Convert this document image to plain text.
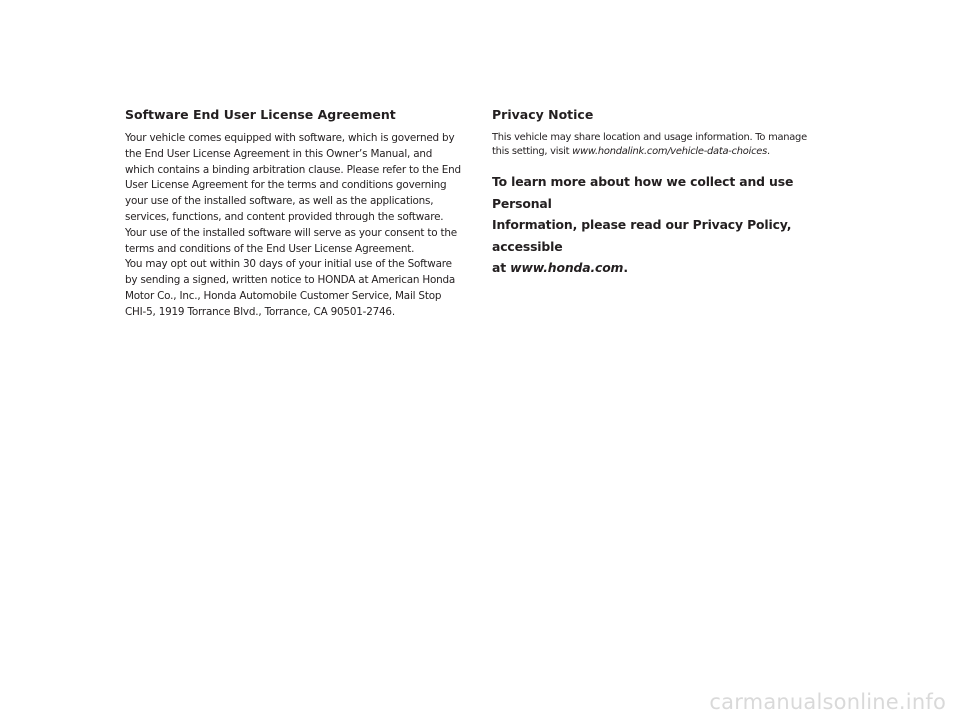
Software End User License Agreement

Your vehicle comes equipped with software, which is governed by
the End User License Agreement in this Owner’s Manual, and
which contains a binding arbitration clause. Please refer to the End
User License Agreement for the terms and conditions governing
your use of the installed software, as well as the applications,
services, functions, and content provided through the software.
Your use of the installed software will serve as your consent to the
terms and conditions of the End User License Agreement.
You may opt out within 30 days of your initial use of the Software
by sending a signed, written notice to HONDA at American Honda
Motor Co., Inc., Honda Automobile Customer Service, Mail Stop
CHI-5, 1919 Torrance Blvd., Torrance, CA 90501-2746.

Privacy Notice

This vehicle may share location and usage information. To manage
this setting, visit www.hondalink.com/vehicle-data-choices.

To learn more about how we collect and use Personal
Information, please read our Privacy Policy, accessible
at www.honda.com.

carmanualsonline.info
